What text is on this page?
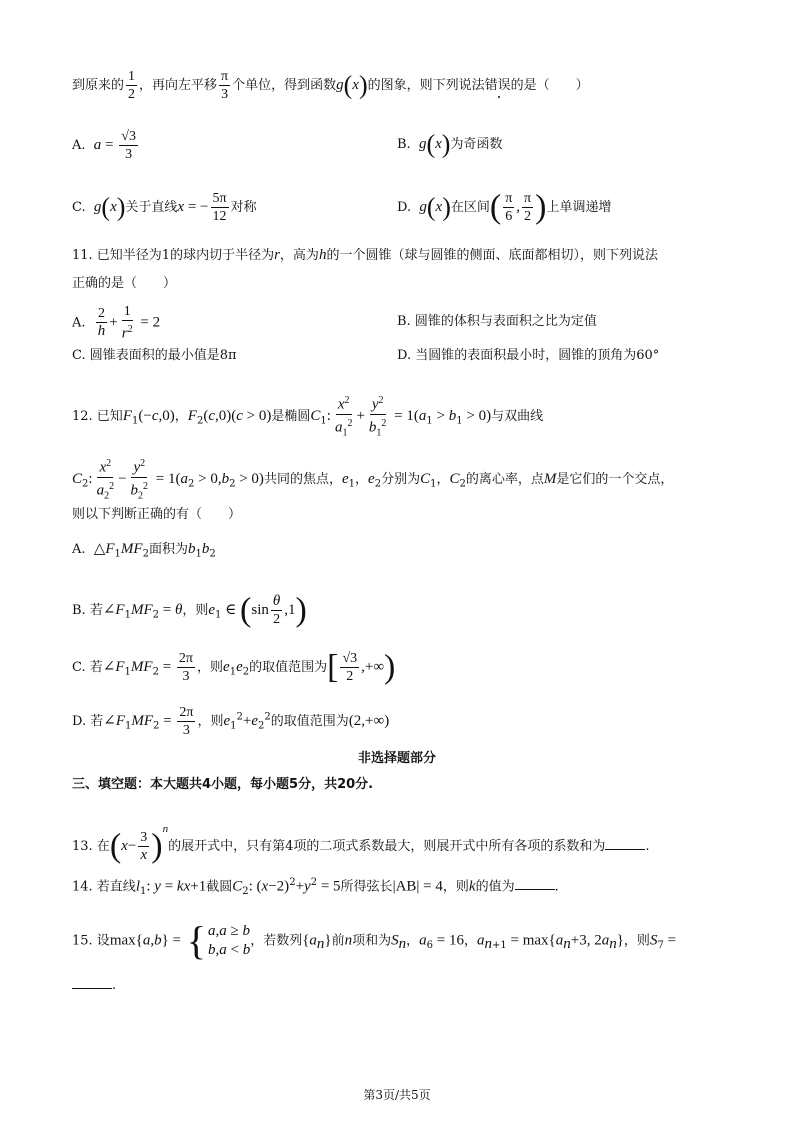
到原来的 $\frac{1}{2}$ ，再向左平移 $\frac{\pi}{3}$ 个单位，得到函数g(x)的图象，则下列说法错误的是（　　）
A. $a = \frac{√3}{3}$	B. g(x)为奇函数
C. g(x)关于直线x = − $\frac{5\pi}{12}$ 对称	D. g(x)在区间( $\frac{\pi}{6}$ , $\frac{\pi}{2}$ )上单调递增
11. 已知半径为1的球内切于半径为r，高为h的一个圆锥（球与圆锥的侧面、底面都相切），则下列说法
正确的是（　　）
A. $\frac{2}{h} + \frac{1}{r^2} = 2$	B. 圆锥的体积与表面积之比为定值
C. 圆锥表面积的最小值是8π	D. 当圆锥的表面积最小时，圆锥的顶角为60°
12. 已知$F_1(-c,0)$，$F_2(c,0)(c > 0)$是椭圆$C_1$: $\frac{x^2}{a_1^2} + \frac{y^2}{b_1^2} = 1(a_1 > b_1 > 0)$与双曲线
$C_2$: $\frac{x^2}{a_2^2} - \frac{y^2}{b_2^2} = 1(a_2 > 0,b_2 > 0)$共同的焦点，$e_1$，$e_2$分别为$C_1$，$C_2$的离心率，点M是它们的一个交点，
则以下判断正确的有（　　）
A. $\triangle F_1MF_2$面积为$b_1b_2$
B. 若$\angle F_1MF_2 = \theta$，则$e_1$ ∈ $(\sin \frac{\theta}{2} ,1)$
C. 若$\angle F_1MF_2 = \frac{2\pi}{3}$ ，则$e_1e_2$的取值范围为[ $\frac{√3}{2}$ ,+∞)
D. 若$\angle F_1MF_2 = \frac{2\pi}{3}$ ，则$e_1^2+e_2^2$的取值范围为(2,+∞)
非选择题部分
三、填空题：本大题共4小题，每小题5分，共20分.
13. 在$(x- \frac{3}{x} )^n$的展开式中，只有第4项的二项式系数最大，则展开式中所有各项的系数和为	.
14. 若直线$l_1$: y = kx+1截圆$C_2$: $(x-2)^2+y^2 = 5$所得弦长|AB| = 4，则k的值为	.
15. 设max{a,b} = { a,a ≥ b
b,a < b
，若数列$\{a_n\}$前n项和为$S_n$，$a_6 = 16$，$a_{n+1} = \max\{a_n+3$, $2a_n$}，则$S_7$ =
.
第3页/共5页
